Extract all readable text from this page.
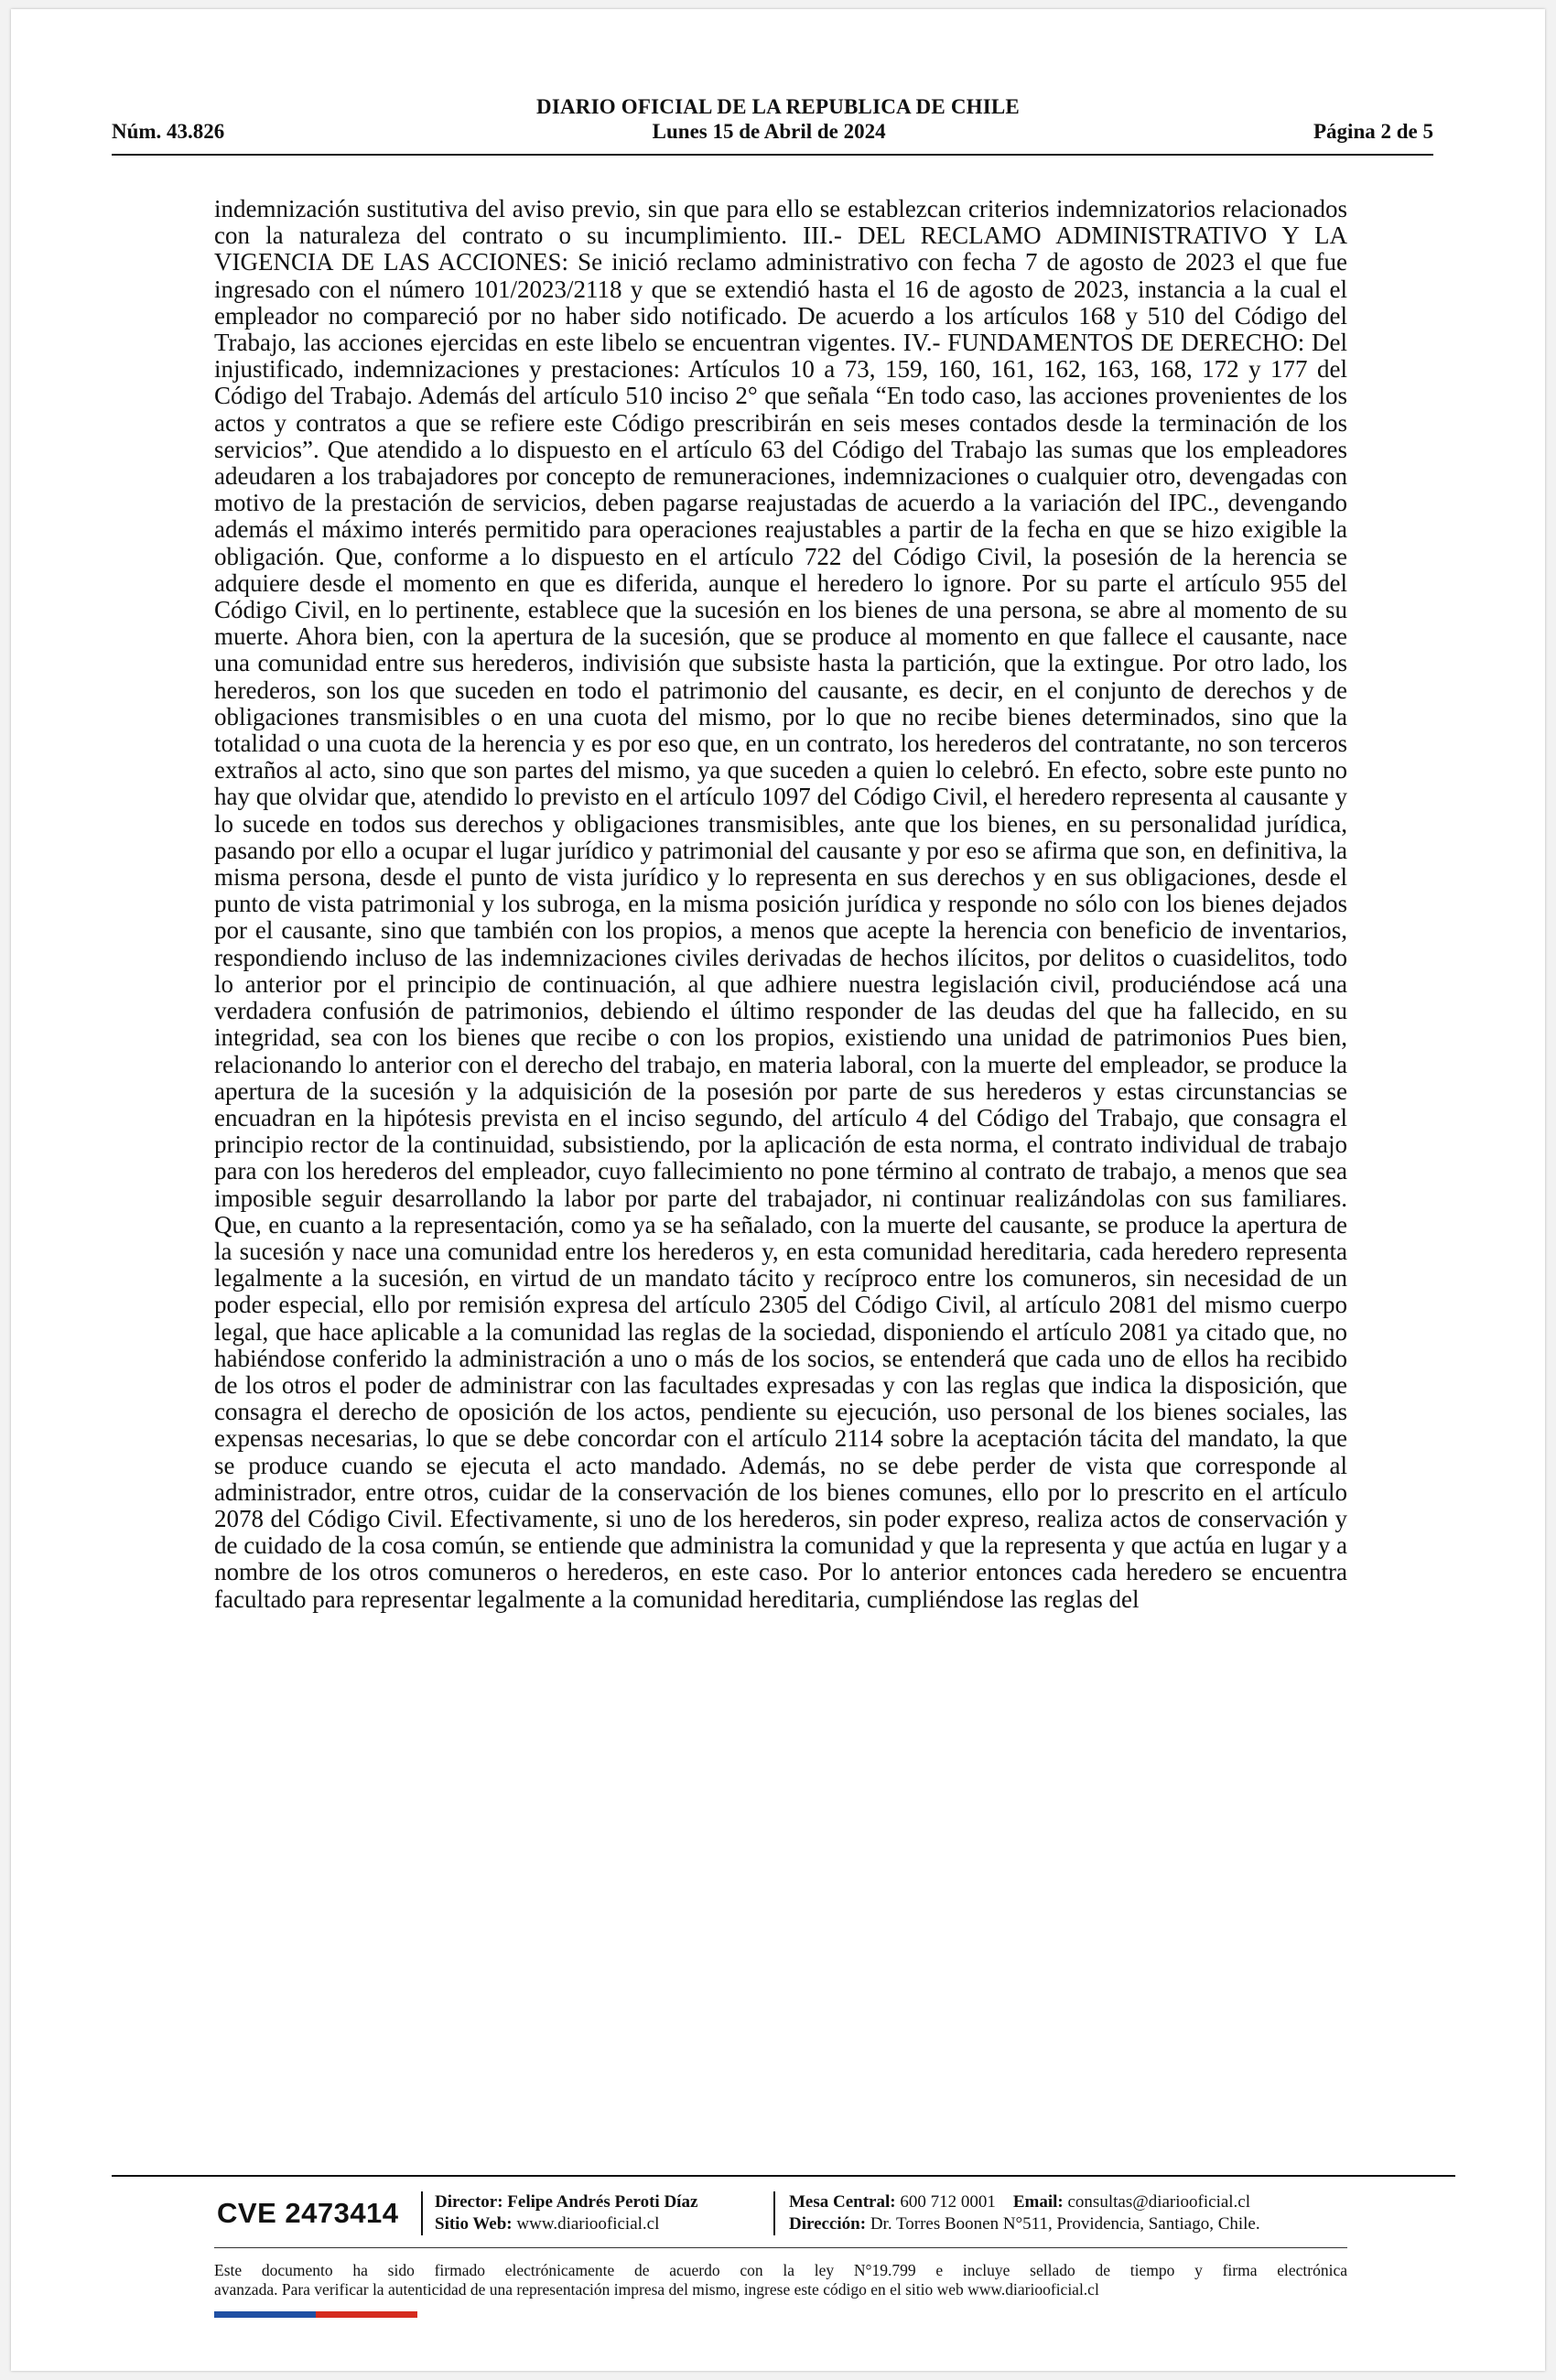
DIARIO OFICIAL DE LA REPUBLICA DE CHILE
Núm. 43.826	Lunes 15 de Abril de 2024	Página 2 de 5
indemnización sustitutiva del aviso previo, sin que para ello se establezcan criterios indemnizatorios relacionados con la naturaleza del contrato o su incumplimiento. III.- DEL RECLAMO ADMINISTRATIVO Y LA VIGENCIA DE LAS ACCIONES: Se inició reclamo administrativo con fecha 7 de agosto de 2023 el que fue ingresado con el número 101/2023/2118 y que se extendió hasta el 16 de agosto de 2023, instancia a la cual el empleador no compareció por no haber sido notificado. De acuerdo a los artículos 168 y 510 del Código del Trabajo, las acciones ejercidas en este libelo se encuentran vigentes. IV.- FUNDAMENTOS DE DERECHO: Del injustificado, indemnizaciones y prestaciones: Artículos 10 a 73, 159, 160, 161, 162, 163, 168, 172 y 177 del Código del Trabajo. Además del artículo 510 inciso 2° que señala “En todo caso, las acciones provenientes de los actos y contratos a que se refiere este Código prescribirán en seis meses contados desde la terminación de los servicios”. Que atendido a lo dispuesto en el artículo 63 del Código del Trabajo las sumas que los empleadores adeudaren a los trabajadores por concepto de remuneraciones, indemnizaciones o cualquier otro, devengadas con motivo de la prestación de servicios, deben pagarse reajustadas de acuerdo a la variación del IPC., devengando además el máximo interés permitido para operaciones reajustables a partir de la fecha en que se hizo exigible la obligación. Que, conforme a lo dispuesto en el artículo 722 del Código Civil, la posesión de la herencia se adquiere desde el momento en que es diferida, aunque el heredero lo ignore. Por su parte el artículo 955 del Código Civil, en lo pertinente, establece que la sucesión en los bienes de una persona, se abre al momento de su muerte. Ahora bien, con la apertura de la sucesión, que se produce al momento en que fallece el causante, nace una comunidad entre sus herederos, indivisión que subsiste hasta la partición, que la extingue. Por otro lado, los herederos, son los que suceden en todo el patrimonio del causante, es decir, en el conjunto de derechos y de obligaciones transmisibles o en una cuota del mismo, por lo que no recibe bienes determinados, sino que la totalidad o una cuota de la herencia y es por eso que, en un contrato, los herederos del contratante, no son terceros extraños al acto, sino que son partes del mismo, ya que suceden a quien lo celebró. En efecto, sobre este punto no hay que olvidar que, atendido lo previsto en el artículo 1097 del Código Civil, el heredero representa al causante y lo sucede en todos sus derechos y obligaciones transmisibles, ante que los bienes, en su personalidad jurídica, pasando por ello a ocupar el lugar jurídico y patrimonial del causante y por eso se afirma que son, en definitiva, la misma persona, desde el punto de vista jurídico y lo representa en sus derechos y en sus obligaciones, desde el punto de vista patrimonial y los subroga, en la misma posición jurídica y responde no sólo con los bienes dejados por el causante, sino que también con los propios, a menos que acepte la herencia con beneficio de inventarios, respondiendo incluso de las indemnizaciones civiles derivadas de hechos ilícitos, por delitos o cuasidelitos, todo lo anterior por el principio de continuación, al que adhiere nuestra legislación civil, produciéndose acá una verdadera confusión de patrimonios, debiendo el último responder de las deudas del que ha fallecido, en su integridad, sea con los bienes que recibe o con los propios, existiendo una unidad de patrimonios Pues bien, relacionando lo anterior con el derecho del trabajo, en materia laboral, con la muerte del empleador, se produce la apertura de la sucesión y la adquisición de la posesión por parte de sus herederos y estas circunstancias se encuadran en la hipótesis prevista en el inciso segundo, del artículo 4 del Código del Trabajo, que consagra el principio rector de la continuidad, subsistiendo, por la aplicación de esta norma, el contrato individual de trabajo para con los herederos del empleador, cuyo fallecimiento no pone término al contrato de trabajo, a menos que sea imposible seguir desarrollando la labor por parte del trabajador, ni continuar realizándolas con sus familiares. Que, en cuanto a la representación, como ya se ha señalado, con la muerte del causante, se produce la apertura de la sucesión y nace una comunidad entre los herederos y, en esta comunidad hereditaria, cada heredero representa legalmente a la sucesión, en virtud de un mandato tácito y recíproco entre los comuneros, sin necesidad de un poder especial, ello por remisión expresa del artículo 2305 del Código Civil, al artículo 2081 del mismo cuerpo legal, que hace aplicable a la comunidad las reglas de la sociedad, disponiendo el artículo 2081 ya citado que, no habiéndose conferido la administración a uno o más de los socios, se entenderá que cada uno de ellos ha recibido de los otros el poder de administrar con las facultades expresadas y con las reglas que indica la disposición, que consagra el derecho de oposición de los actos, pendiente su ejecución, uso personal de los bienes sociales, las expensas necesarias, lo que se debe concordar con el artículo 2114 sobre la aceptación tácita del mandato, la que se produce cuando se ejecuta el acto mandado. Además, no se debe perder de vista que corresponde al administrador, entre otros, cuidar de la conservación de los bienes comunes, ello por lo prescrito en el artículo 2078 del Código Civil. Efectivamente, si uno de los herederos, sin poder expreso, realiza actos de conservación y de cuidado de la cosa común, se entiende que administra la comunidad y que la representa y que actúa en lugar y a nombre de los otros comuneros o herederos, en este caso. Por lo anterior entonces cada heredero se encuentra facultado para representar legalmente a la comunidad hereditaria, cumpliéndose las reglas del
CVE 2473414 Director: Felipe Andrés Peroti Díaz
Sitio Web: www.diariooficial.cl
Mesa Central: 600 712 0001 Email: consultas@diariooficial.cl
Dirección: Dr. Torres Boonen N°511, Providencia, Santiago, Chile.
Este documento ha sido firmado electrónicamente de acuerdo con la ley N°19.799 e incluye sellado de tiempo y firma electrónica
avanzada. Para verificar la autenticidad de una representación impresa del mismo, ingrese este código en el sitio web www.diariooficial.cl
